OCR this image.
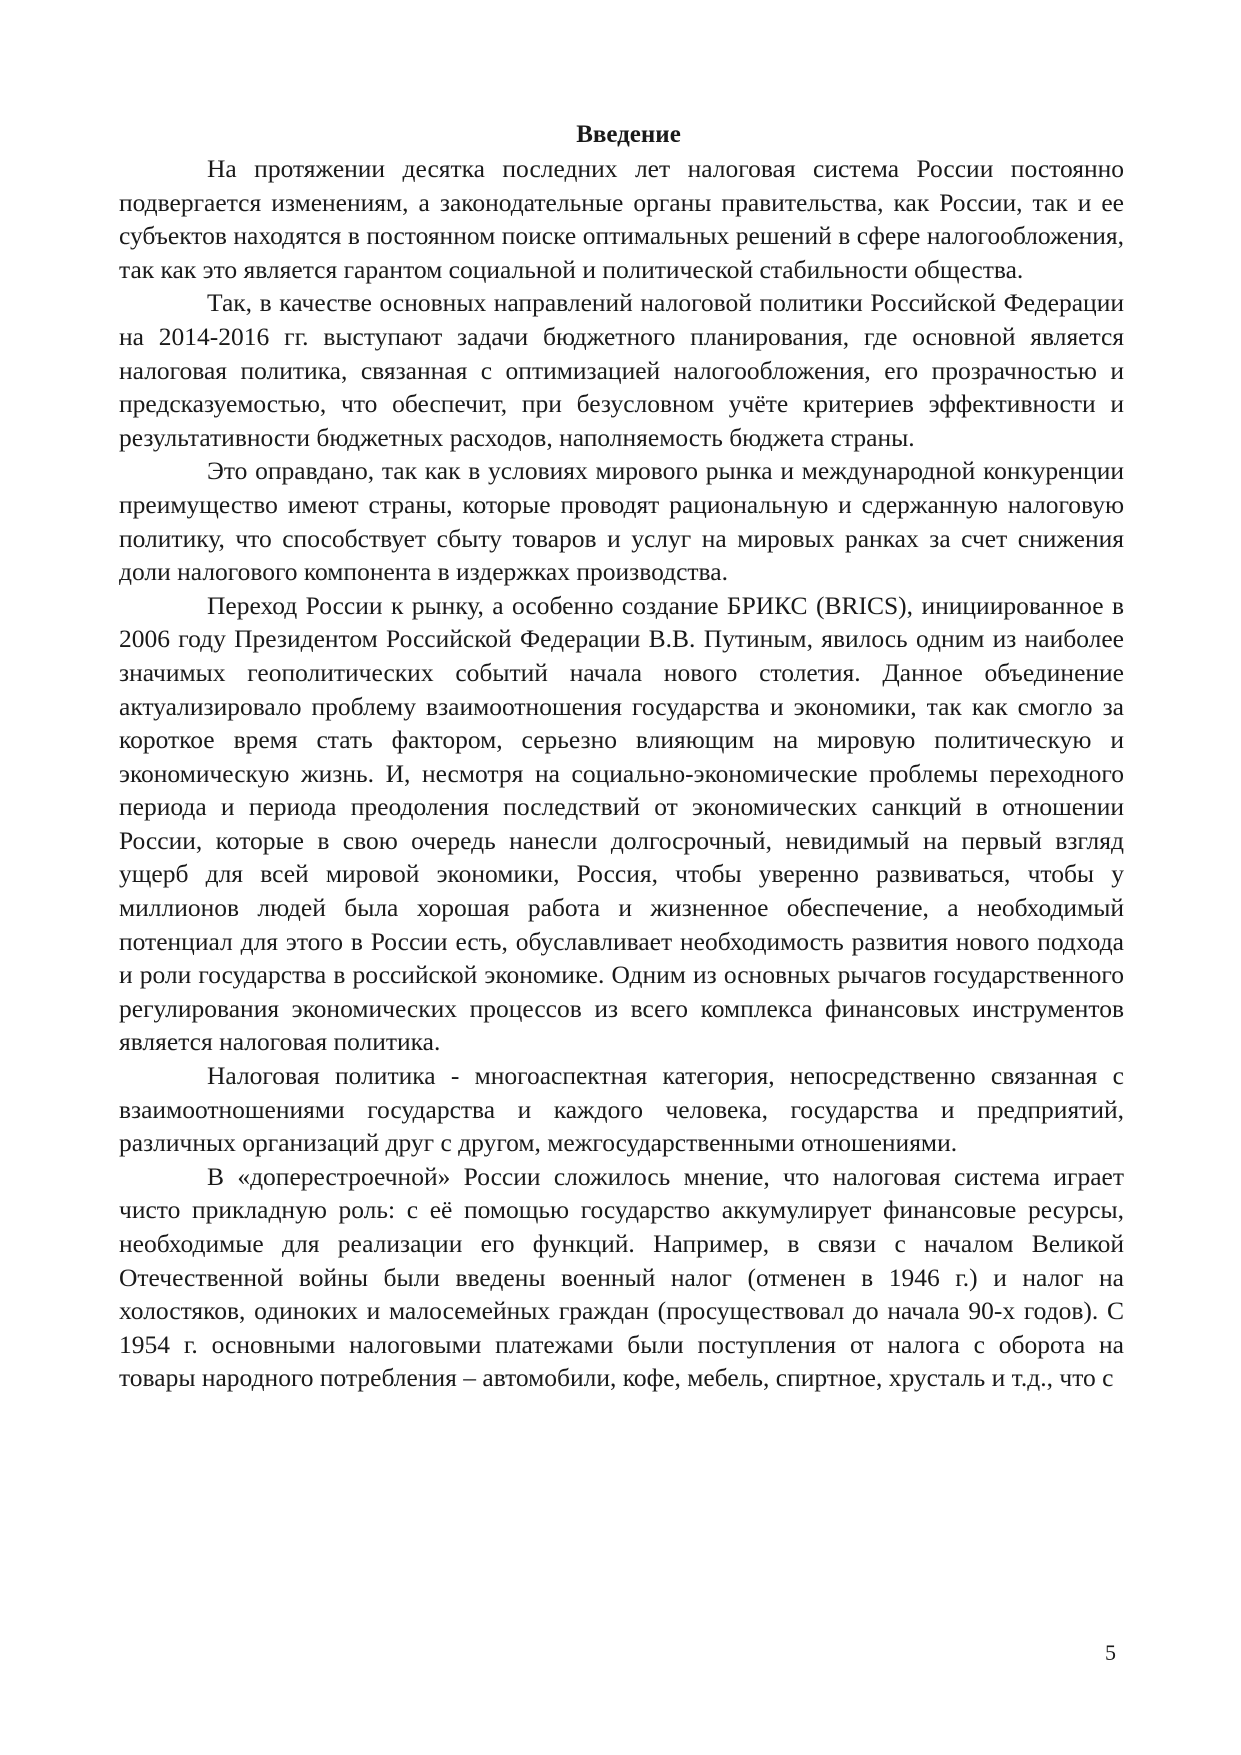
Введение

На протяжении десятка последних лет налоговая система России постоянно подвергается изменениям, а законодательные органы правительства, как России, так и ее субъектов находятся в постоянном поиске оптимальных решений в сфере налогообложения, так как это является гарантом социальной и политической стабильности общества.

Так, в качестве основных направлений налоговой политики Российской Федерации на 2014-2016 гг. выступают задачи бюджетного планирования, где основной является налоговая политика, связанная с оптимизацией налогообложения, его прозрачностью и предсказуемостью, что обеспечит, при безусловном учёте критериев эффективности и результативности бюджетных расходов, наполняемость бюджета страны.

Это оправдано, так как в условиях мирового рынка и международной конкуренции преимущество имеют страны, которые проводят рациональную и сдержанную налоговую политику, что способствует сбыту товаров и услуг на мировых ранках за счет снижения доли налогового компонента в издержках производства.

Переход России к рынку, а особенно создание БРИКС (BRICS), инициированное в 2006 году Президентом Российской Федерации В.В. Путиным, явилось одним из наиболее значимых геополитических событий начала нового столетия. Данное объединение актуализировало проблему взаимоотношения государства и экономики, так как смогло за короткое время стать фактором, серьезно влияющим на мировую политическую и экономическую жизнь. И, несмотря на социально-экономические проблемы переходного периода и периода преодоления последствий от экономических санкций в отношении России, которые в свою очередь нанесли долгосрочный, невидимый на первый взгляд ущерб для всей мировой экономики, Россия, чтобы уверенно развиваться, чтобы у миллионов людей была хорошая работа и жизненное обеспечение, а необходимый потенциал для этого в России есть, обуславливает необходимость развития нового подхода и роли государства в российской экономике. Одним из основных рычагов государственного регулирования экономических процессов из всего комплекса финансовых инструментов является налоговая политика.

Налоговая политика - многоаспектная категория, непосредственно связанная с взаимоотношениями государства и каждого человека, государства и предприятий, различных организаций друг с другом, межгосударственными отношениями.

В «доперестроечной» России сложилось мнение, что налоговая система играет чисто прикладную роль: с её помощью государство аккумулирует финансовые ресурсы, необходимые для реализации его функций. Например, в связи с началом Великой Отечественной войны были введены военный налог (отменен в 1946 г.) и налог на холостяков, одиноких и малосемейных граждан (просуществовал до начала 90-х годов). С 1954 г. основными налоговыми платежами были поступления от налога с оборота на товары народного потребления – автомобили, кофе, мебель, спиртное, хрусталь и т.д., что с

5
